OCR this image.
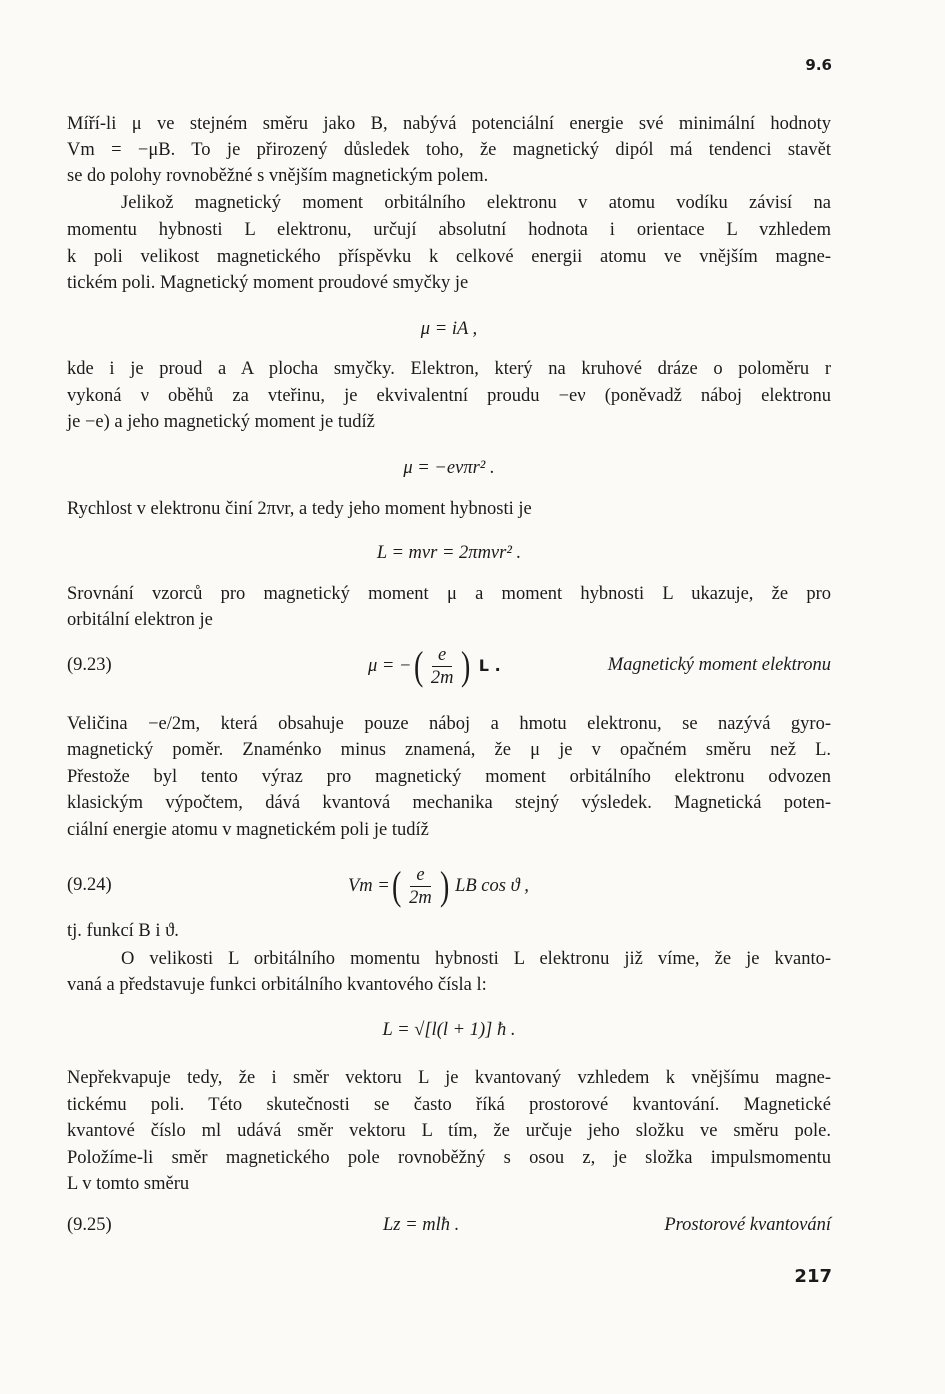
9.6
Míří-li μ ve stejném směru jako B, nabývá potenciální energie své minimální hodnoty
Vm = −μB. To je přirozený důsledek toho, že magnetický dipól má tendenci stavět
se do polohy rovnoběžné s vnějším magnetickým polem.
Jelikož magnetický moment orbitálního elektronu v atomu vodíku závisí na
momentu hybnosti L elektronu, určují absolutní hodnota i orientace L vzhledem
k poli velikost magnetického příspěvku k celkové energii atomu ve vnějším magne-
tickém poli. Magnetický moment proudové smyčky je
μ = iA ,
kde i je proud a A plocha smyčky. Elektron, který na kruhové dráze o poloměru r
vykoná ν oběhů za vteřinu, je ekvivalentní proudu −eν (poněvadž náboj elektronu
je −e) a jeho magnetický moment je tudíž
μ = −eνπr² .
Rychlost v elektronu činí 2πνr, a tedy jeho moment hybnosti je
L = mvr = 2πmνr² .
Srovnání vzorců pro magnetický moment μ a moment hybnosti L ukazuje, že pro
orbitální elektron je
(9.23)	μ = − ( $\frac{e}{2m}$ ) L .	Magnetický moment elektronu
Veličina −e/2m, která obsahuje pouze náboj a hmotu elektronu, se nazývá gyro-
magnetický poměr. Znaménko minus znamená, že μ je v opačném směru než L.
Přestože byl tento výraz pro magnetický moment orbitálního elektronu odvozen
klasickým výpočtem, dává kvantová mechanika stejný výsledek. Magnetická poten-
ciální energie atomu v magnetickém poli je tudíž
(9.24)	Vm = ( $\frac{e}{2m}$ ) LB cos ϑ ,
tj. funkcí B i ϑ.
O velikosti L orbitálního momentu hybnosti L elektronu již víme, že je kvanto-
vaná a představuje funkci orbitálního kvantového čísla l:
L = √[l(l + 1)] ħ .
Nepřekvapuje tedy, že i směr vektoru L je kvantovaný vzhledem k vnějšímu magne-
tickému poli. Této skutečnosti se často říká prostorové kvantování. Magnetické
kvantové číslo ml udává směr vektoru L tím, že určuje jeho složku ve směru pole.
Položíme-li směr magnetického pole rovnoběžný s osou z, je složka impulsmomentu
L v tomto směru
(9.25)	Lz = mlħ .	Prostorové kvantování
217
